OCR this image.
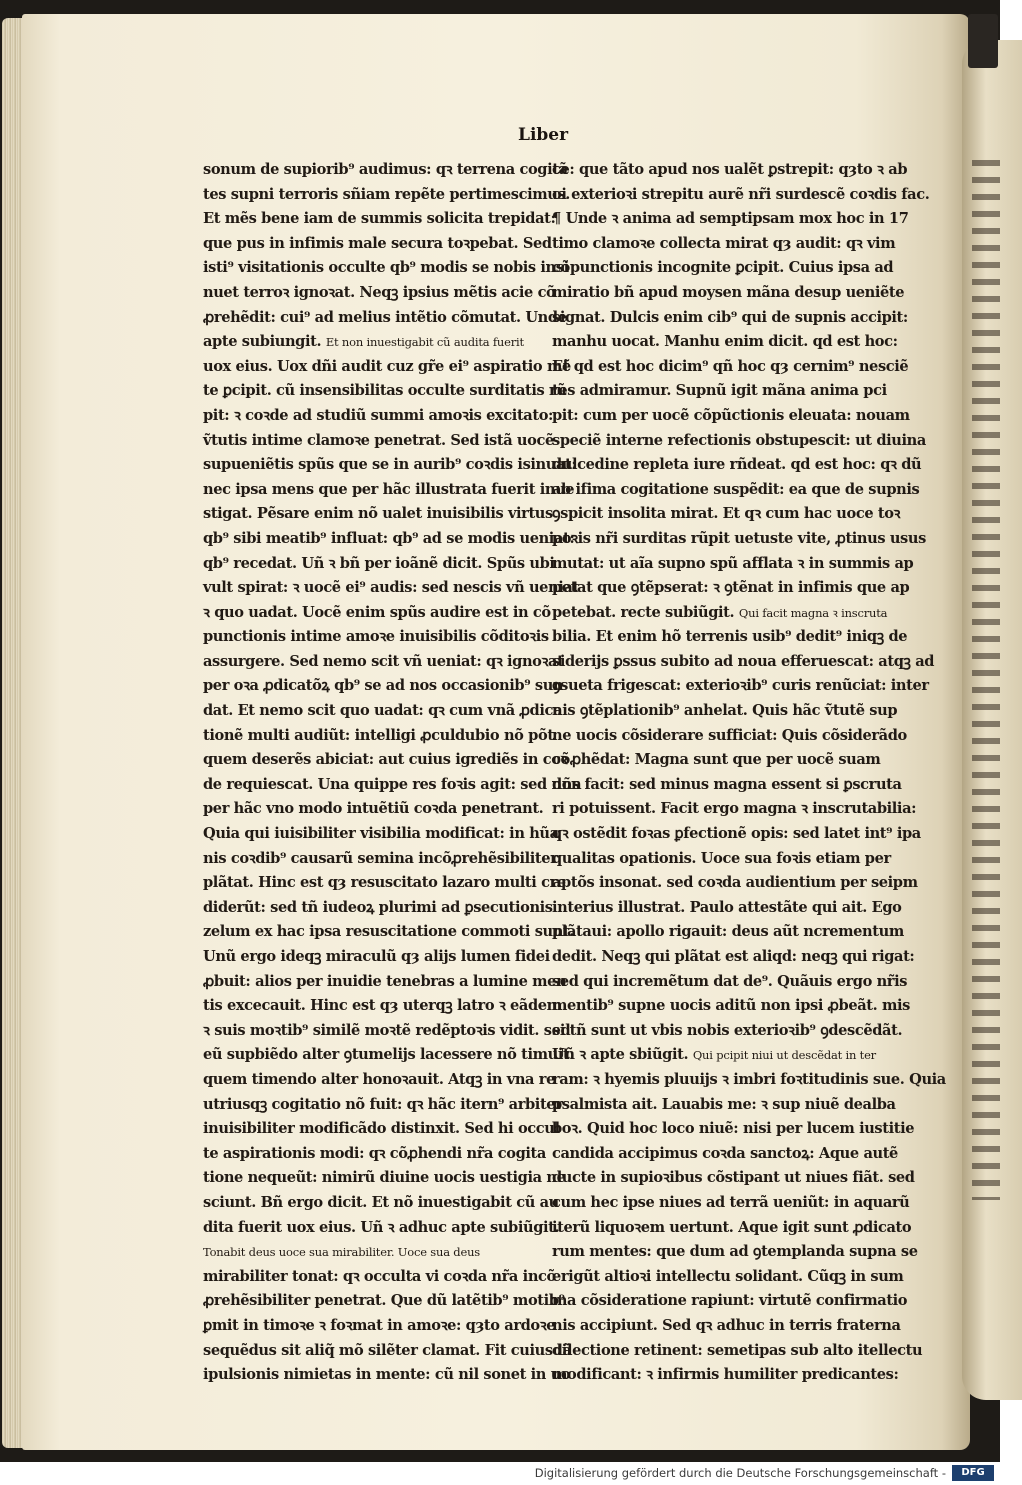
Liber
sonum de supiorib⁹ audimus: qꝛ terrena cogitã
tes supni terroris sñiam repẽte pertimescimus.
Et mẽs bene iam de summis solicita trepidat:
que pus in infimis male secura toꝛpebat. Sed
isti⁹ visitationis occulte qb⁹ modis se nobis insi
nuet terroꝛ ignoꝛat. Neqꝫ ipsius mẽtis acie cõ
ꝓrehẽdit: cui⁹ ad melius intẽtio cõmutat. Unde
apte subiungit. Et non inuestigabit cũ audita fuerit
uox eius. Uox dñi audit cuz gr̃e ei⁹ aspiratio mẽ
te ꝑcipit. cũ insensibilitas occulte surditatis rũ
pit: ꝛ coꝛde ad studiũ summi amoꝛis excitato:
ṽtutis intime clamoꝛe penetrat. Sed istã uocẽ
supueniẽtis spũs que se in aurib⁹ coꝛdis isinuat:
nec ipsa mens que per hãc illustrata fuerit inue
stigat. Pẽsare enim nõ ualet inuisibilis virtus
qb⁹ sibi meatib⁹ influat: qb⁹ ad se modis ueniat:
qb⁹ recedat. Uñ ꝛ bñ per ioãnẽ dicit. Spũs ubi
vult spirat: ꝛ uocẽ ei⁹ audis: sed nescis vñ ueniat
ꝛ quo uadat. Uocẽ enim spũs audire est in cõ
punctionis intime amoꝛe inuisibilis cõditoꝛis
assurgere. Sed nemo scit vñ ueniat: qꝛ ignoꝛat
per oꝛa ꝓdicatõꝝ qb⁹ se ad nos occasionib⁹ sun
dat. Et nemo scit quo uadat: qꝛ cum vnã ꝓdica
tionẽ multi audiũt: intelligi ꝓculdubio nõ põt
quem deserẽs abiciat: aut cuius igrediẽs in coꝛ
de requiescat. Una quippe res foꝛis agit: sed non
per hãc vno modo intuẽtiũ coꝛda penetrant.
Quia qui iuisibiliter visibilia modificat: in hũa
nis coꝛdib⁹ causarũ semina incõꝓrehẽsibiliter
plãtat. Hinc est qȝ resuscitato lazaro multi cre
diderũt: sed tñ iudeoꝝ plurimi ad ꝑsecutionis
zelum ex hac ipsa resuscitatione commoti sunt.
Unũ ergo ideqꝫ miraculũ qȝ alijs lumen fidei
ꝓbuit: alios per inuidie tenebras a lumine men
tis excecauit. Hinc est qȝ uterqꝫ latro ꝛ eãdem
ꝛ suis moꝛtib⁹ similẽ moꝛtẽ redẽptoꝛis vidit. sed
eũ supbiẽdo alter ꝯtumelijs lacessere nõ timuit:
quem timendo alter honoꝛauit. Atqꝫ in vna re
utriusqꝫ cogitatio nõ fuit: qꝛ hãc itern⁹ arbiter
inuisibiliter modificãdo distinxit. Sed hi occul
te aspirationis modi: qꝛ cõꝓhendi nr̃a cogita
tione nequeũt: nimirũ diuine uocis uestigia ne
sciunt. Bñ ergo dicit. Et nõ inuestigabit cũ au
dita fuerit uox eius. Uñ ꝛ adhuc apte subiũgit.
Tonabit deus uoce sua mirabiliter. Uoce sua deus
mirabiliter tonat: qꝛ occulta vi coꝛda nr̃a incõ
ꝓrehẽsibiliter penetrat. Que dũ latẽtib⁹ motib⁹
ꝑmit in timoꝛe ꝛ foꝛmat in amoꝛe: qȝto ardoꝛe
sequẽdus sit aliq̃ mõ silẽter clamat. Fit cuiusdã
ipulsionis nimietas in mente: cũ nil sonet in uo
ce: que tãto apud nos ualẽt ꝑstrepit: qȝto ꝛ ab
oi exterioꝛi strepitu aurẽ nr̃i surdescẽ coꝛdis fac.
¶ Unde ꝛ anima ad semptipsam mox hoc in 17
timo clamoꝛe collecta mirat qȝ audit: qꝛ vim
cõpunctionis incognite ꝑcipit. Cuius ipsa ad
miratio bñ apud moysen mãna desup ueniẽte
signat. Dulcis enim cib⁹ qui de supnis accipit:
manhu uocat. Manhu enim dicit. qd est hoc:
Et qd est hoc dicim⁹ qñ hoc qȝ cernim⁹ nesciẽ
tes admiramur. Supnũ igit mãna anima pci
pit: cum per uocẽ cõpũctionis eleuata: nouam
speciẽ interne refectionis obstupescit: ut diuina
dulcedine repleta iure rñdeat. qd est hoc: qꝛ dũ
ab ifima cogitatione suspẽdit: ea que de supnis
ꝯspicit insolita mirat. Et qꝛ cum hac uoce toꝛ
poꝛis nr̃i surditas rũpit uetuste vite, ꝓtinus usus
mutat: ut aĩa supno spũ afflata ꝛ in summis ap
petat que ꝯtẽpserat: ꝛ ꝯtẽnat in infimis que ap
petebat. recte subiũgit. Qui facit magna ꝛ inscruta
bilia. Et enim hõ terrenis usib⁹ dedit⁹ iniqꝫ de
siderijs ꝑssus subito ad noua efferuescat: atqꝫ ad
ꝯsueta frigescat: exterioꝛib⁹ curis renũciat: inter
nis ꝯtẽplationib⁹ anhelat. Quis hãc ṽtutẽ sup
ne uocis cõsiderare sufficiat: Quis cõsiderãdo
cõꝓhẽdat: Magna sunt que per uocẽ suam
dñs facit: sed minus magna essent si ꝑscruta
ri potuissent. Facit ergo magna ꝛ inscrutabilia:
qꝛ ostẽdit foꝛas ꝑfectionẽ opis: sed latet int⁹ ipa
qualitas opationis. Uoce sua foꝛis etiam per
aptõs insonat. sed coꝛda audientium per seipm
interius illustrat. Paulo attestãte qui ait. Ego
plãtaui: apollo rigauit: deus aũt ncrementum
dedit. Neqꝫ qui plãtat est aliqd: neqꝫ qui rigat:
sed qui incremẽtum dat de⁹. Quãuis ergo nr̃is
mentib⁹ supne uocis aditũ non ipsi ꝓbeãt. mis
si tñ sunt ut vbis nobis exterioꝛib⁹ ꝯdescẽdãt.
Uñ ꝛ apte sbiũgit. Qui pcipit niui ut descẽdat in ter
ram: ꝛ hyemis pluuijs ꝛ imbri foꝛtitudinis sue. Quia
psalmista ait. Lauabis me: ꝛ sup niuẽ dealba
boꝛ. Quid hoc loco niuẽ: nisi per lucem iustitie
candida accipimus coꝛda sanctoꝝ: Aque autẽ
ducte in supioꝛibus cõstipant ut niues fiãt. sed
cum hec ipse niues ad terrã ueniũt: in aquarũ
iterũ liquoꝛem uertunt. Aque igit sunt ꝓdicato
rum mentes: que dum ad ꝯtemplanda supna se
erigũt altioꝛi intellectu solidant. Cũqꝫ in sum
ma cõsideratione rapiunt: virtutẽ confirmatio
nis accipiunt. Sed qꝛ adhuc in terris fraterna
dilectione retinent: semetipas sub alto itellectu
modificant: ꝛ infirmis humiliter predicantes:
Digitalisierung gefördert durch die Deutsche Forschungsgemeinschaft -	DFG
